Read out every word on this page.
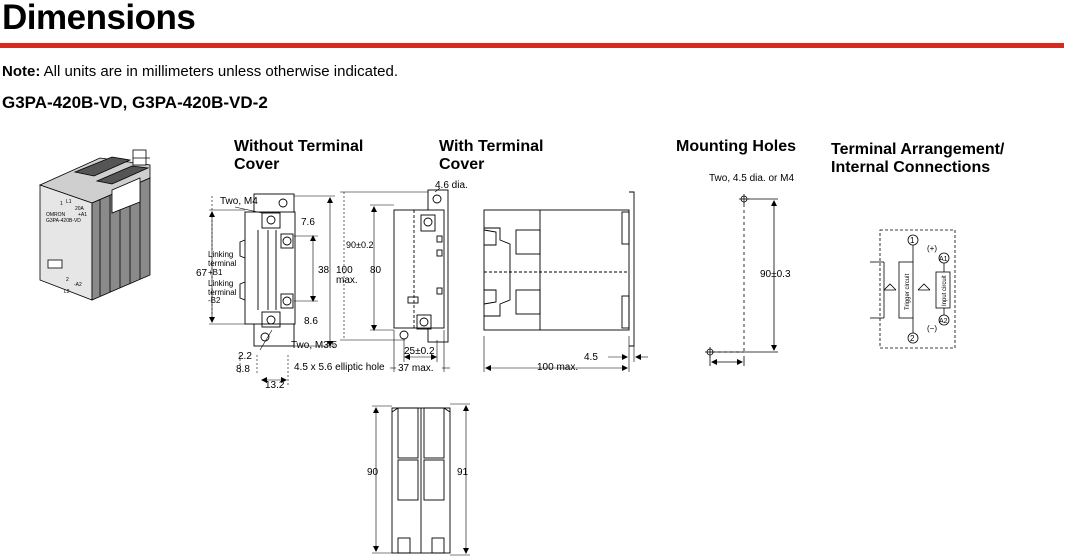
Dimensions
Note: All units are in millimeters unless otherwise indicated.
G3PA-420B-VD, G3PA-420B-VD-2
Without Terminal
Cover
With Terminal
Cover
Mounting Holes Terminal Arrangement/
Internal Connections
L1
20A
OMRON
G3PA-420B-VD
+A1
2
-A2
L2
1	Two, M4
7.6
38 100
max.
67
Linking
terminal
+B1
Linking
terminal
-B2
8.6
Two, M3.5
2.2
8.8
13.2
4.5 x 5.6 elliptic hole
4.6 dia.
90±0.2
80
25±0.2
37 max.	100 max.
4.5
90	91
Two, 4.5 dia. or M4
90±0.3
1
2
A1
A2
(+)
(−)
Trigger circuit	Input circuit
